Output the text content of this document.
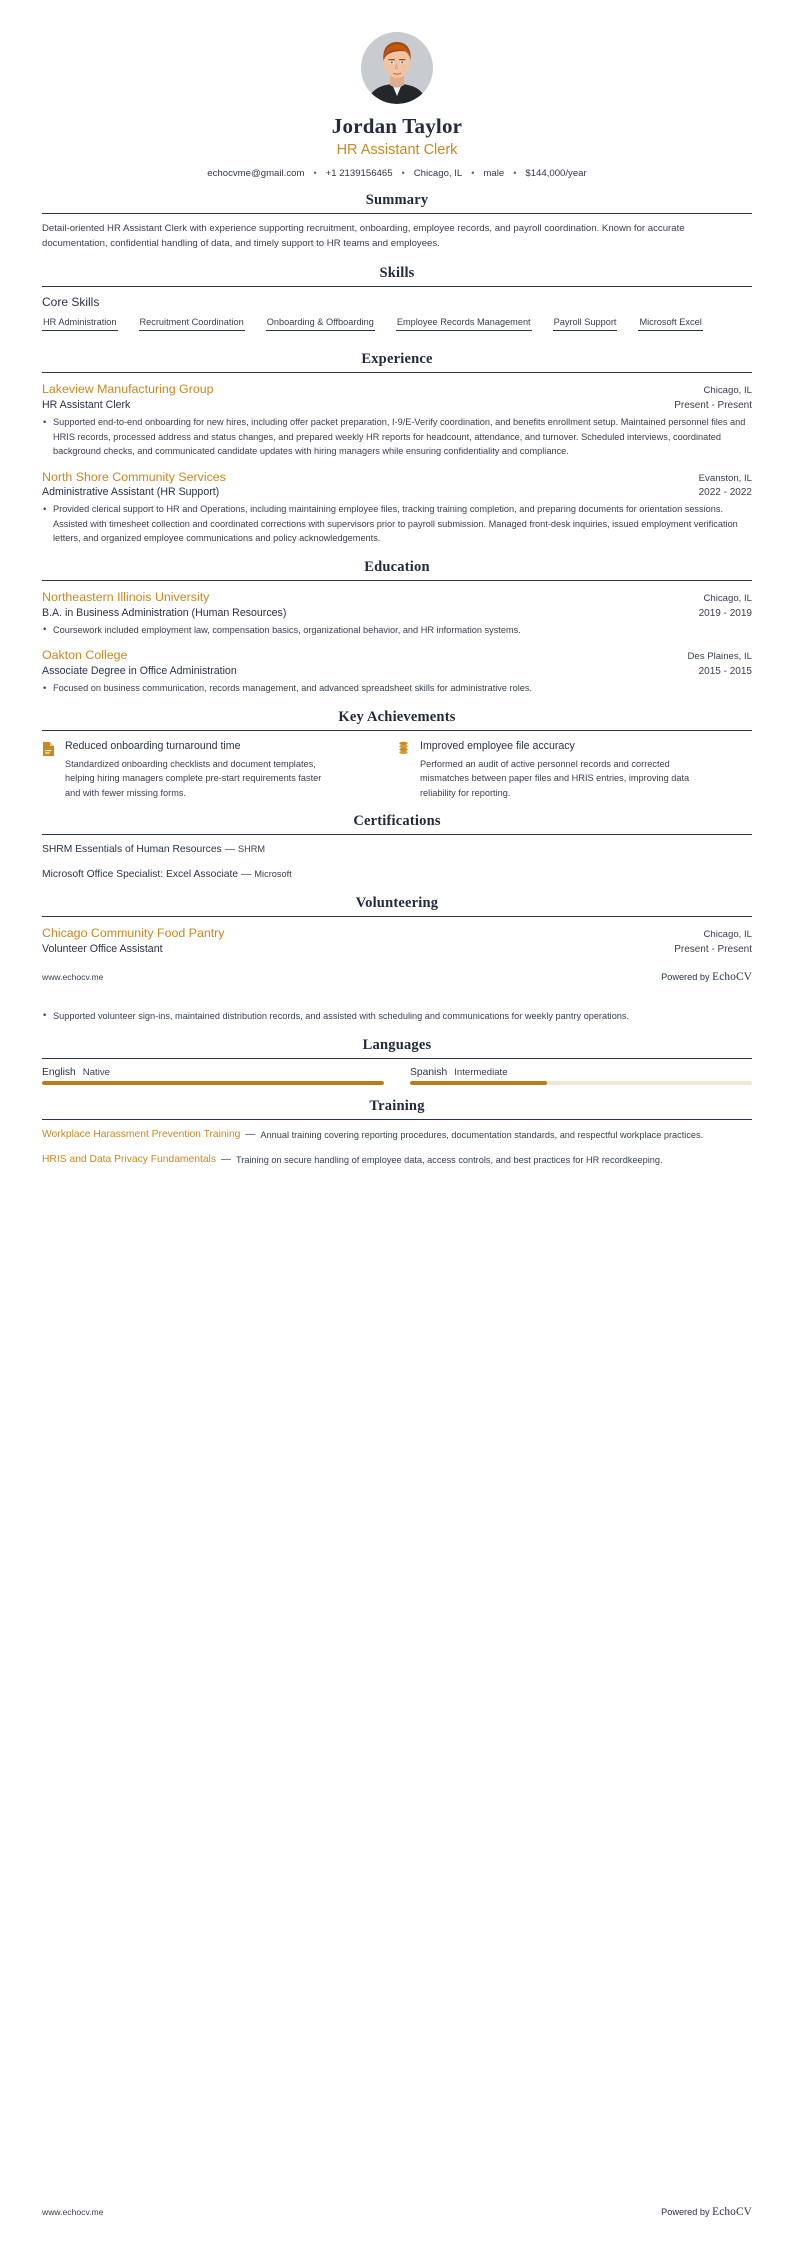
Jordan Taylor
HR Assistant Clerk
echocvme@gmail.com • +1 2139156465 • Chicago, IL • male • $144,000/year
Summary
Detail-oriented HR Assistant Clerk with experience supporting recruitment, onboarding, employee records, and payroll coordination. Known for accurate documentation, confidential handling of data, and timely support to HR teams and employees.
Skills
Core Skills
HR Administration	Recruitment Coordination	Onboarding & Offboarding	Employee Records Management	Payroll Support	Microsoft Excel
Experience
Lakeview Manufacturing Group	Chicago, IL
HR Assistant Clerk	Present - Present
• Supported end-to-end onboarding for new hires, including offer packet preparation, I-9/E-Verify coordination, and benefits enrollment setup. Maintained personnel files and HRIS records, processed address and status changes, and prepared weekly HR reports for headcount, attendance, and turnover. Scheduled interviews, coordinated background checks, and communicated candidate updates with hiring managers while ensuring confidentiality and compliance.
North Shore Community Services	Evanston, IL
Administrative Assistant (HR Support)	2022 - 2022
• Provided clerical support to HR and Operations, including maintaining employee files, tracking training completion, and preparing documents for orientation sessions. Assisted with timesheet collection and coordinated corrections with supervisors prior to payroll submission. Managed front-desk inquiries, issued employment verification letters, and organized employee communications and policy acknowledgements.
Education
Northeastern Illinois University	Chicago, IL
B.A. in Business Administration (Human Resources)	2019 - 2019
• Coursework included employment law, compensation basics, organizational behavior, and HR information systems.
Oakton College	Des Plaines, IL
Associate Degree in Office Administration	2015 - 2015
• Focused on business communication, records management, and advanced spreadsheet skills for administrative roles.
Key Achievements
Reduced onboarding turnaround time
Standardized onboarding checklists and document templates, helping hiring managers complete pre-start requirements faster and with fewer missing forms.
Improved employee file accuracy
Performed an audit of active personnel records and corrected mismatches between paper files and HRIS entries, improving data reliability for reporting.
Certifications
SHRM Essentials of Human Resources — SHRM
Microsoft Office Specialist: Excel Associate — Microsoft
Volunteering
Chicago Community Food Pantry	Chicago, IL
Volunteer Office Assistant	Present - Present
www.echocv.me	Powered by EchoCV
• Supported volunteer sign-ins, maintained distribution records, and assisted with scheduling and communications for weekly pantry operations.
Languages
English Native	Spanish Intermediate
Training
Workplace Harassment Prevention Training — Annual training covering reporting procedures, documentation standards, and respectful workplace practices.
HRIS and Data Privacy Fundamentals — Training on secure handling of employee data, access controls, and best practices for HR recordkeeping.
www.echocv.me	Powered by EchoCV
